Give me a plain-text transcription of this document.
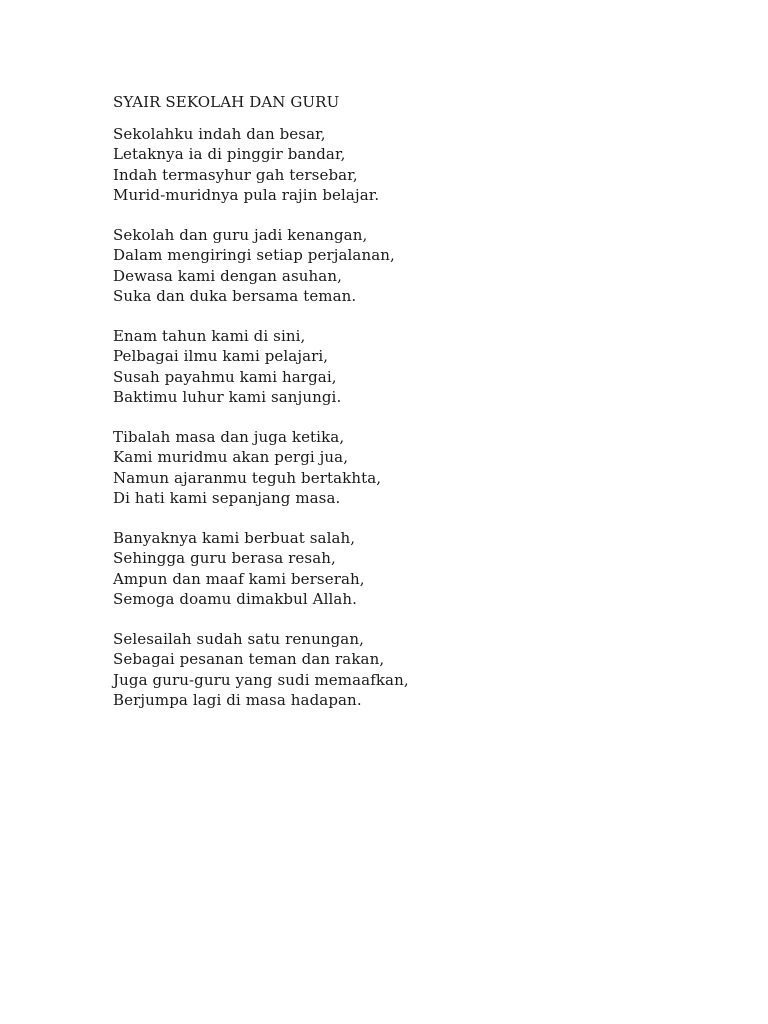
SYAIR SEKOLAH DAN GURU
Sekolahku indah dan besar,
Letaknya ia di pinggir bandar,
Indah termasyhur gah tersebar,
Murid-muridnya pula rajin belajar.
Sekolah dan guru jadi kenangan,
Dalam mengiringi setiap perjalanan,
Dewasa kami dengan asuhan,
Suka dan duka bersama teman.
Enam tahun kami di sini,
Pelbagai ilmu kami pelajari,
Susah payahmu kami hargai,
Baktimu luhur kami sanjungi.
Tibalah masa dan juga ketika,
Kami muridmu akan pergi jua,
Namun ajaranmu teguh bertakhta,
Di hati kami sepanjang masa.
Banyaknya kami berbuat salah,
Sehingga guru berasa resah,
Ampun dan maaf kami berserah,
Semoga doamu dimakbul Allah.
Selesailah sudah satu renungan,
Sebagai pesanan teman dan rakan,
Juga guru-guru yang sudi memaafkan,
Berjumpa lagi di masa hadapan.
